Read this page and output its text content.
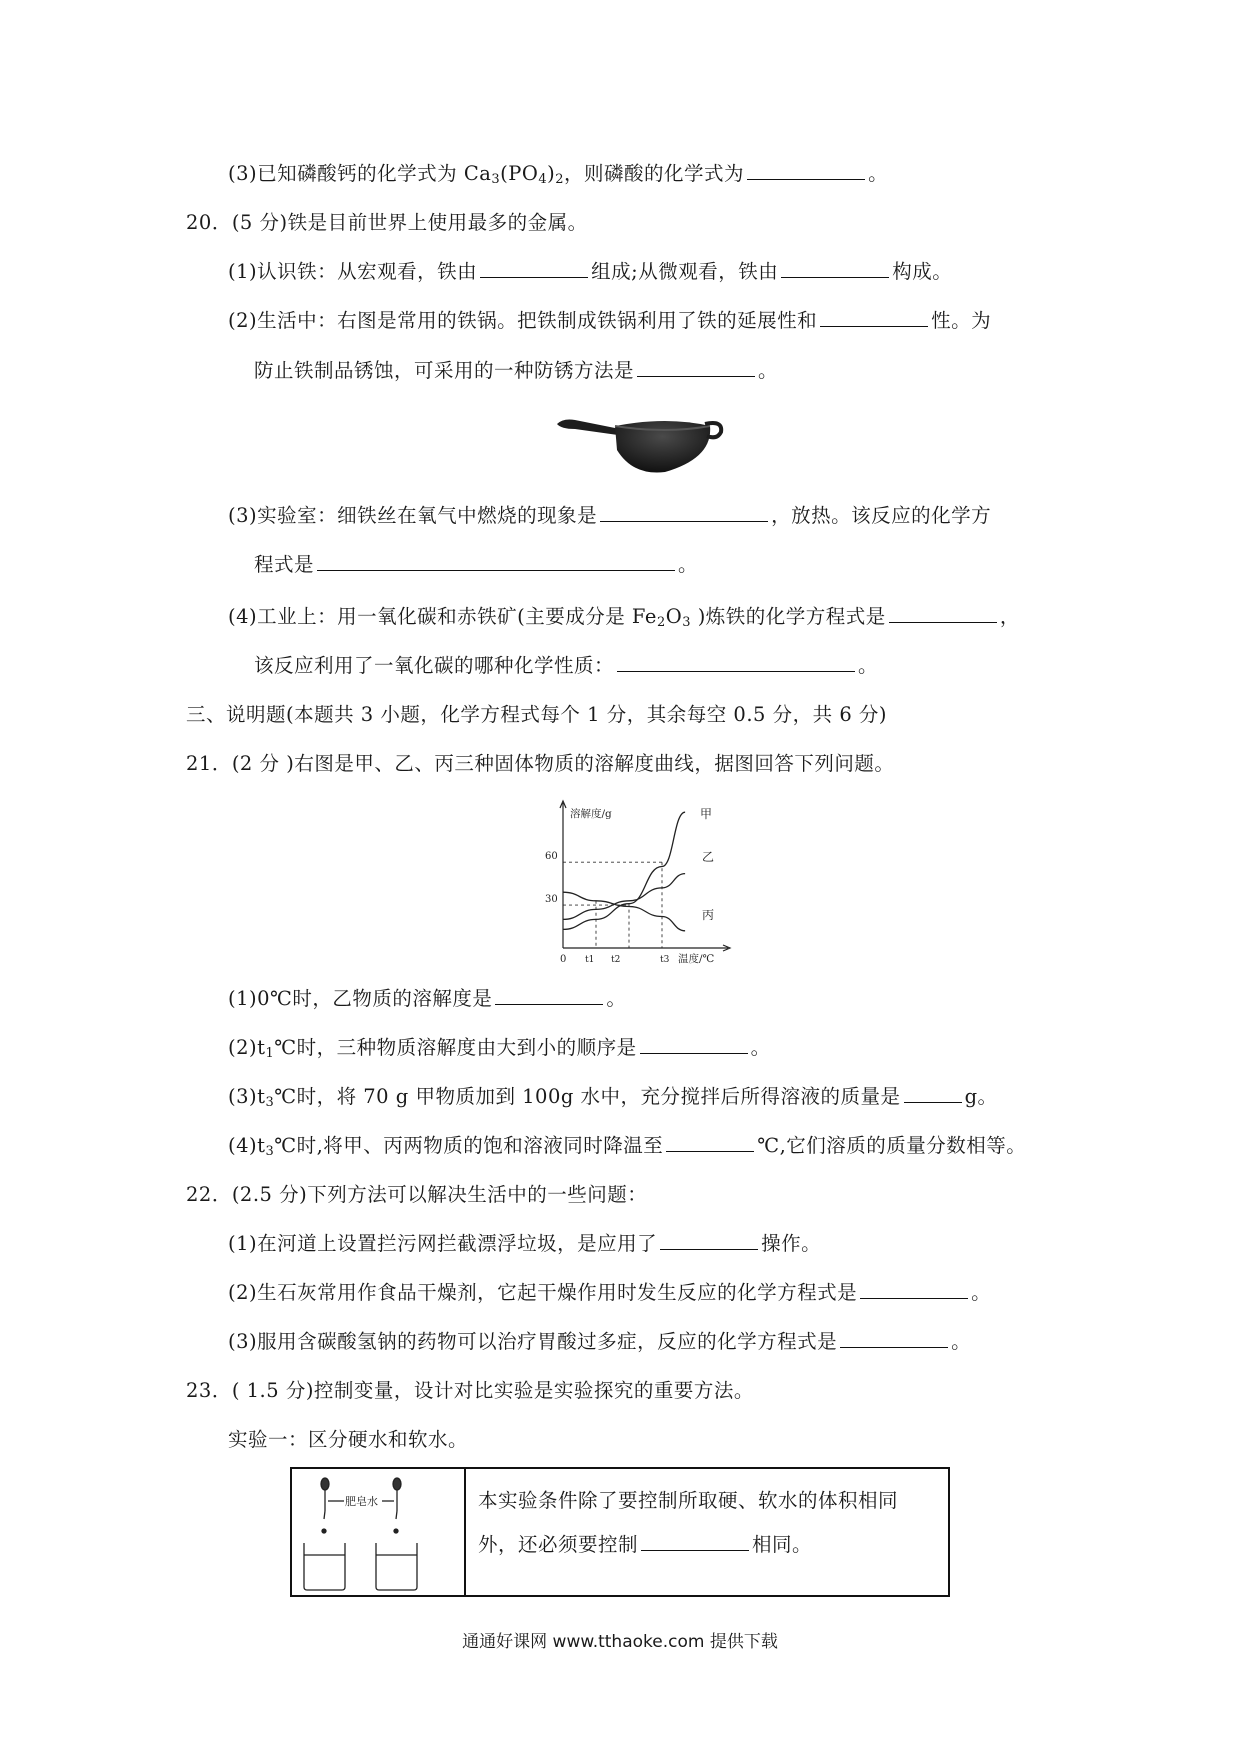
(3)已知磷酸钙的化学式为 $Ca_3(PO_4)_2$，则磷酸的化学式为	。
20．(5 分)铁是目前世界上使用最多的金属。
(1)认识铁：从宏观看，铁由	组成;从微观看，铁由	构成。
(2)生活中：右图是常用的铁锅。把铁制成铁锅利用了铁的延展性和	性。为
防止铁制品锈蚀，可采用的一种防锈方法是	。
(3)实验室：细铁丝在氧气中燃烧的现象是	，放热。该反应的化学方
程式是	。
(4)工业上：用一氧化碳和赤铁矿(主要成分是 $Fe_2O_3$ )炼铁的化学方程式是	，
该反应利用了一氧化碳的哪种化学性质：	。
三、说明题(本题共 3 小题，化学方程式每个 1 分，其余每空 0.5 分，共 6 分)
21．(2 分 )右图是甲、乙、丙三种固体物质的溶解度曲线，据图回答下列问题。
溶解度/g
温度/℃
0 t1 t2	t3
30
60
甲
乙
丙
(1)0℃时，乙物质的溶解度是	。
$(2)t_1℃$时，三种物质溶解度由大到小的顺序是	。
$(3)t_3℃$时，将 70 g 甲物质加到 100g 水中，充分搅拌后所得溶液的质量是	g。
$(4)t_3℃$时,将甲、丙两物质的饱和溶液同时降温至	℃,它们溶质的质量分数相等。
22．(2.5 分)下列方法可以解决生活中的一些问题：
(1)在河道上设置拦污网拦截漂浮垃圾，是应用了	操作。
(2)生石灰常用作食品干燥剂，它起干燥作用时发生反应的化学方程式是	。
(3)服用含碳酸氢钠的药物可以治疗胃酸过多症，反应的化学方程式是	。
23．( 1.5 分)控制变量，设计对比实验是实验探究的重要方法。
实验一：区分硬水和软水。
肥皂水	本实验条件除了要控制所取硬、软水的体积相同
外，还必须要控制	相同。
通通好课网 www.tthaoke.com 提供下载
